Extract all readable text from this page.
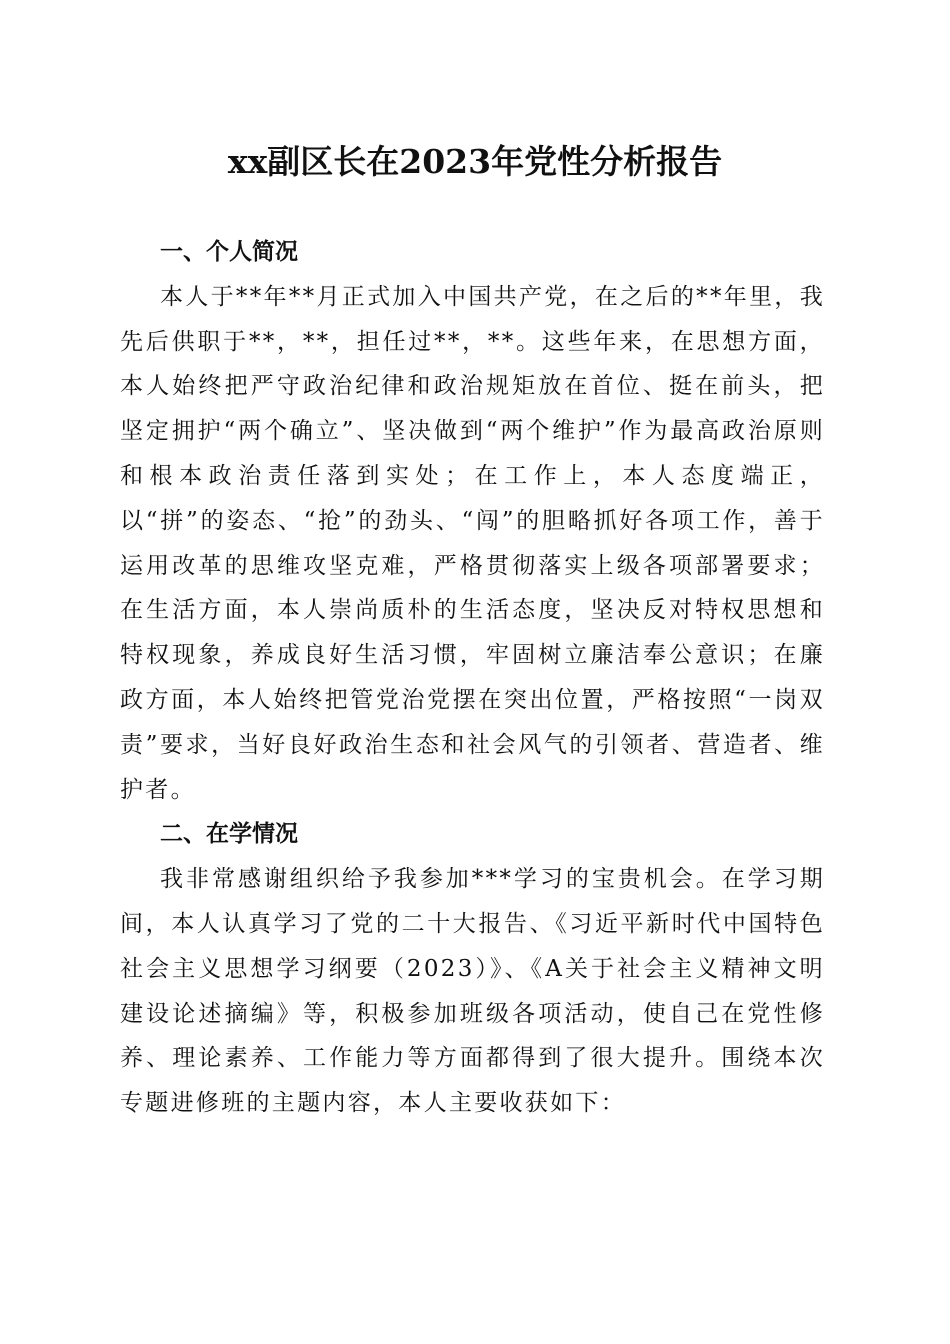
xx副区长在2023年党性分析报告

一、个人简况

本人于**年**月正式加入中国共产党，在之后的**年里，我先后供职于**，**，担任过**，**。这些年来，在思想方面，本人始终把严守政治纪律和政治规矩放在首位、挺在前头，把坚定拥护“两个确立”、坚决做到“两个维护”作为最高政治原则和根本政治责任落到实处；在工作上，本人态度端正，以“拼”的姿态、“抢”的劲头、“闯”的胆略抓好各项工作，善于运用改革的思维攻坚克难，严格贯彻落实上级各项部署要求；在生活方面，本人崇尚质朴的生活态度，坚决反对特权思想和特权现象，养成良好生活习惯，牢固树立廉洁奉公意识；在廉政方面，本人始终把管党治党摆在突出位置，严格按照“一岗双责”要求，当好良好政治生态和社会风气的引领者、营造者、维护者。

二、在学情况

我非常感谢组织给予我参加***学习的宝贵机会。在学习期间，本人认真学习了党的二十大报告、《习近平新时代中国特色社会主义思想学习纲要（2023）》、《A关于社会主义精神文明建设论述摘编》等，积极参加班级各项活动，使自己在党性修养、理论素养、工作能力等方面都得到了很大提升。围绕本次专题进修班的主题内容，本人主要收获如下：
